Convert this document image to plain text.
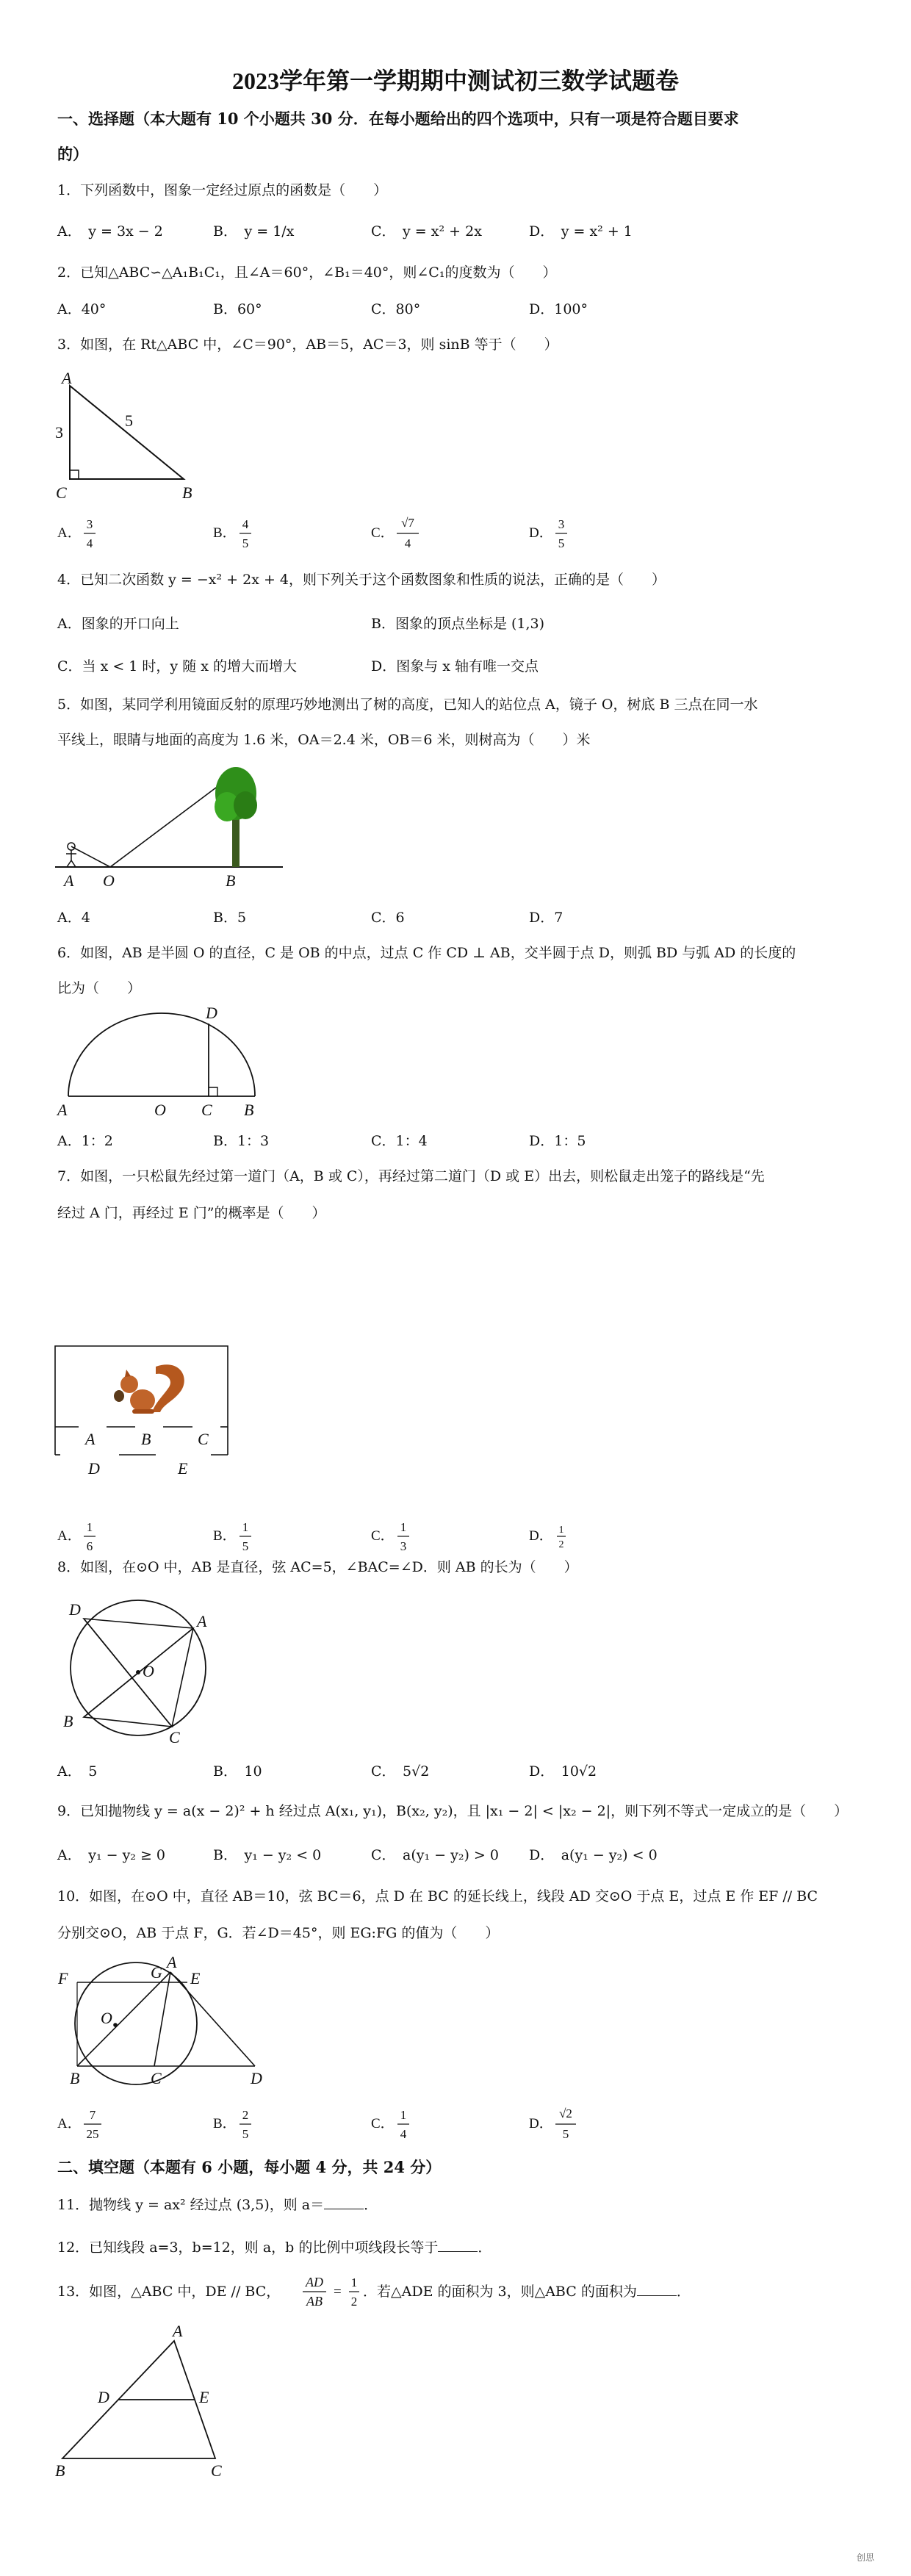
2023学年第一学期期中测试初三数学试题卷
一、选择题（本大题有 10 个小题共 30 分．在每小题给出的四个选项中，只有一项是符合题目要求
的）
1．下列函数中，图象一定经过原点的函数是（　　）
A．　y = 3x − 2	B．　y = 1/x	C．　y = x² + 2x	D．　y = x² + 1
2．已知△ABC∽△A₁B₁C₁，且∠A＝60°，∠B₁＝40°，则∠C₁的度数为（　　）
A．40°	B．60°	C．80°	D．100°
3．如图，在 Rt△ABC 中，∠C＝90°，AB＝5，AC＝3，则 sinB 等于（　　）
A
C	B
3
5
A．
3
4
B．
4
5
C．
√7
4
D．
3
5
4．已知二次函数 y = −x² + 2x + 4，则下列关于这个函数图象和性质的说法，正确的是（　　）
A．图象的开口向上	B．图象的顶点坐标是 (1,3)
C．当 x < 1 时，y 随 x 的增大而增大	D．图象与 x 轴有唯一交点
5．如图，某同学利用镜面反射的原理巧妙地测出了树的高度，已知人的站位点 A，镜子 O，树底 B 三点在同一水
平线上，眼睛与地面的高度为 1.6 米，OA＝2.4 米，OB＝6 米，则树高为（　　）米
A O	B
A．4	B．5	C．6	D．7
6．如图，AB 是半圆 O 的直径，C 是 OB 的中点，过点 C 作 CD ⊥ AB，交半圆于点 D，则弧 BD 与弧 AD 的长度的
比为（　　）
A	O C B
D
A．1：2	B．1：3	C．1：4	D．1：5
7．如图，一只松鼠先经过第一道门（A，B 或 C），再经过第二道门（D 或 E）出去，则松鼠走出笼子的路线是“先
经过 A 门，再经过 E 门”的概率是（　　）
A	B	C
D	E
A．
1
6
B．
1
5
C．
1
3
D． 1
2
8．如图，在⊙O 中，AB 是直径，弦 AC=5，∠BAC=∠D．则 AB 的长为（　　）
D
A
O
B
C
A．　5	B．　10	C．　5√2	D．　10√2
9．已知抛物线 y = a(x − 2)² + h 经过点 A(x₁, y₁)，B(x₂, y₂)，且 |x₁ − 2| < |x₂ − 2|，则下列不等式一定成立的是（　　）
A．　y₁ − y₂ ≥ 0	B．　y₁ − y₂ < 0	C．　a(y₁ − y₂) > 0 D．　a(y₁ − y₂) < 0
10．如图，在⊙O 中，直径 AB＝10，弦 BC＝6，点 D 在 BC 的延长线上，线段 AD 交⊙O 于点 E，过点 E 作 EF // BC
分别交⊙O，AB 于点 F，G．若∠D＝45°，则 EG:FG 的值为（　　）
F	G
A
E
O
B	C	D
A．
7
25
B．
2
5
C．
1
4
D．
√2
5
二、填空题（本题有 6 小题，每小题 4 分，共 24 分）
11．抛物线 y = ax² 经过点 (3,5)，则 a＝	．
12．已知线段 a=3，b=12，则 a，b 的比例中项线段长等于	．
13．如图，△ABC 中，DE // BC，
AD
AB
=
1
2
．若△ADE 的面积为 3，则△ABC 的面积为	．
A
D	E
B	C
创思
